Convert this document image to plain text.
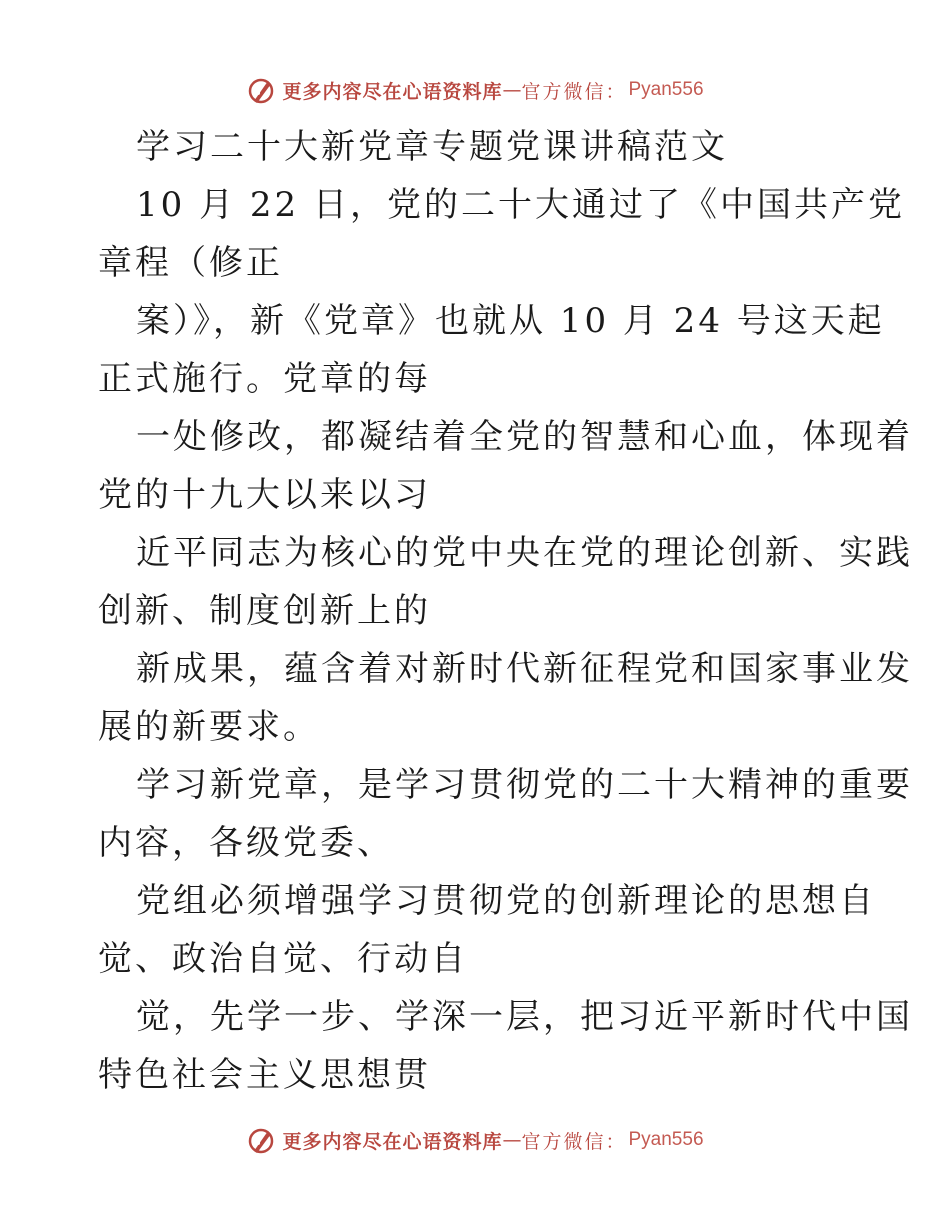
更多内容尽在心语资料库 — 官方微信： Pyan556
学习二十大新党章专题党课讲稿范文
10 月 22 日，党的二十大通过了《中国共产党
章程（修正
案）》，新《党章》也就从 10 月 24 号这天起
正式施行。党章的每
一处修改，都凝结着全党的智慧和心血，体现着
党的十九大以来以习
近平同志为核心的党中央在党的理论创新、实践
创新、制度创新上的
新成果，蕴含着对新时代新征程党和国家事业发
展的新要求。
学习新党章，是学习贯彻党的二十大精神的重要
内容，各级党委、
党组必须增强学习贯彻党的创新理论的思想自
觉、政治自觉、行动自
觉，先学一步、学深一层，把习近平新时代中国
特色社会主义思想贯
更多内容尽在心语资料库 — 官方微信： Pyan556
